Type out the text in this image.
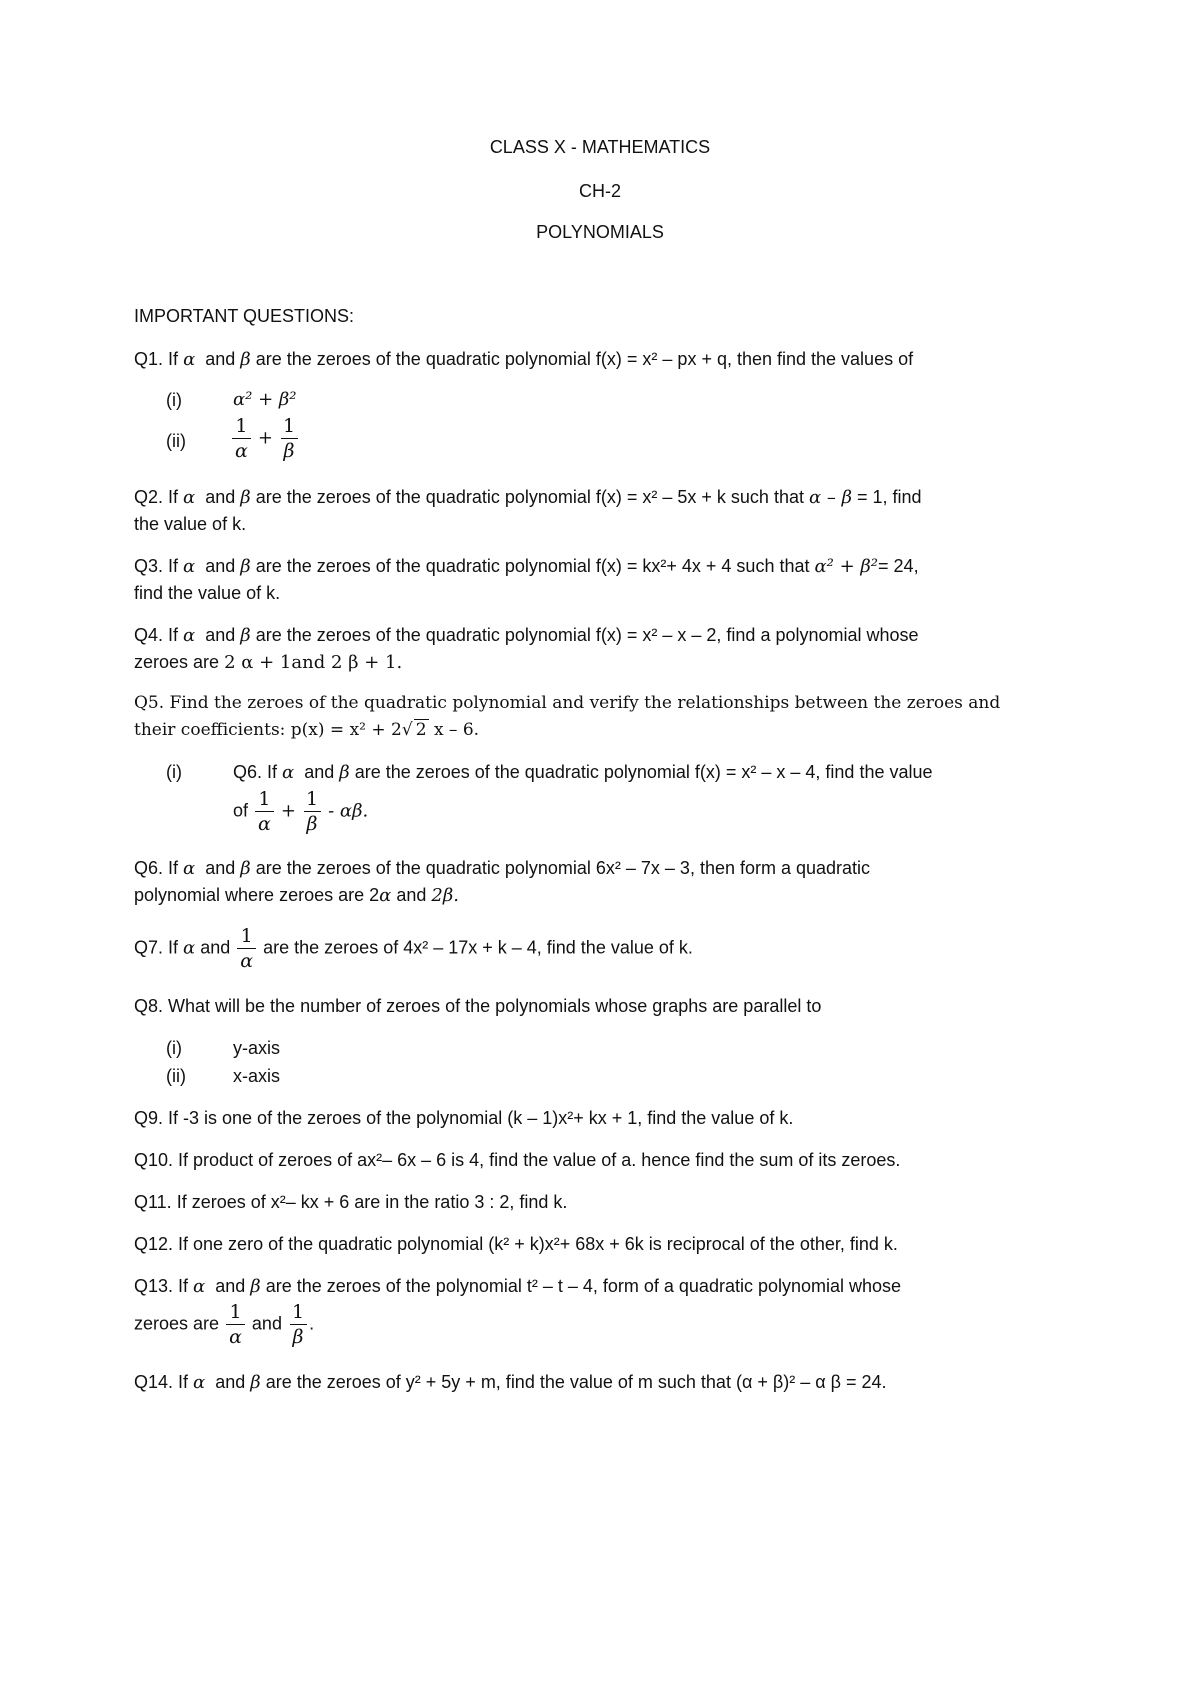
CLASS X - MATHEMATICS
CH-2
POLYNOMIALS
IMPORTANT QUESTIONS:
Q1. If α and β are the zeroes of the quadratic polynomial f(x) = x² – px + q, then find the values of
(i)	α² + β²
$(ii) \frac{1}{\alpha} + \frac{1}{\beta}$
Q2. If α and β are the zeroes of the quadratic polynomial f(x) = x² – 5x + k such that α – β = 1, find
the value of k.
Q3. If α and β are the zeroes of the quadratic polynomial f(x) = kx²+ 4x + 4 such that α² + β²= 24,
find the value of k.
Q4. If α and β are the zeroes of the quadratic polynomial f(x) = x² – x – 2, find a polynomial whose
zeroes are 2 α + 1and 2 β + 1.
Q5. Find the zeroes of the quadratic polynomial and verify the relationships between the zeroes and
their coefficients: p(x) = x² + 2√ 2 x – 6.
(i)	Q6. If α and β are the zeroes of the quadratic polynomial f(x) = x² – x – 4, find the value
of $\frac{1}{\alpha} + \frac{1}{\beta} - \alpha\beta$.
Q6. If α and β are the zeroes of the quadratic polynomial 6x² – 7x – 3, then form a quadratic
polynomial where zeroes are 2α and 2β.
Q7. If α and $\frac{1}{\alpha}$ are the zeroes of 4x² – 17x + k – 4, find the value of k.
Q8. What will be the number of zeroes of the polynomials whose graphs are parallel to
(i)	y-axis
(ii)	x-axis
Q9. If -3 is one of the zeroes of the polynomial (k – 1)x²+ kx + 1, find the value of k.
Q10. If product of zeroes of ax²– 6x – 6 is 4, find the value of a. hence find the sum of its zeroes.
Q11. If zeroes of x²– kx + 6 are in the ratio 3 : 2, find k.
Q12. If one zero of the quadratic polynomial (k² + k)x²+ 68x + 6k is reciprocal of the other, find k.
Q13. If α and β are the zeroes of the polynomial t² – t – 4, form of a quadratic polynomial whose
zeroes are $\frac{1}{\alpha}$ and $\frac{1}{\beta}$ .
Q14. If α and β are the zeroes of y² + 5y + m, find the value of m such that (α + β)² – α β = 24.
